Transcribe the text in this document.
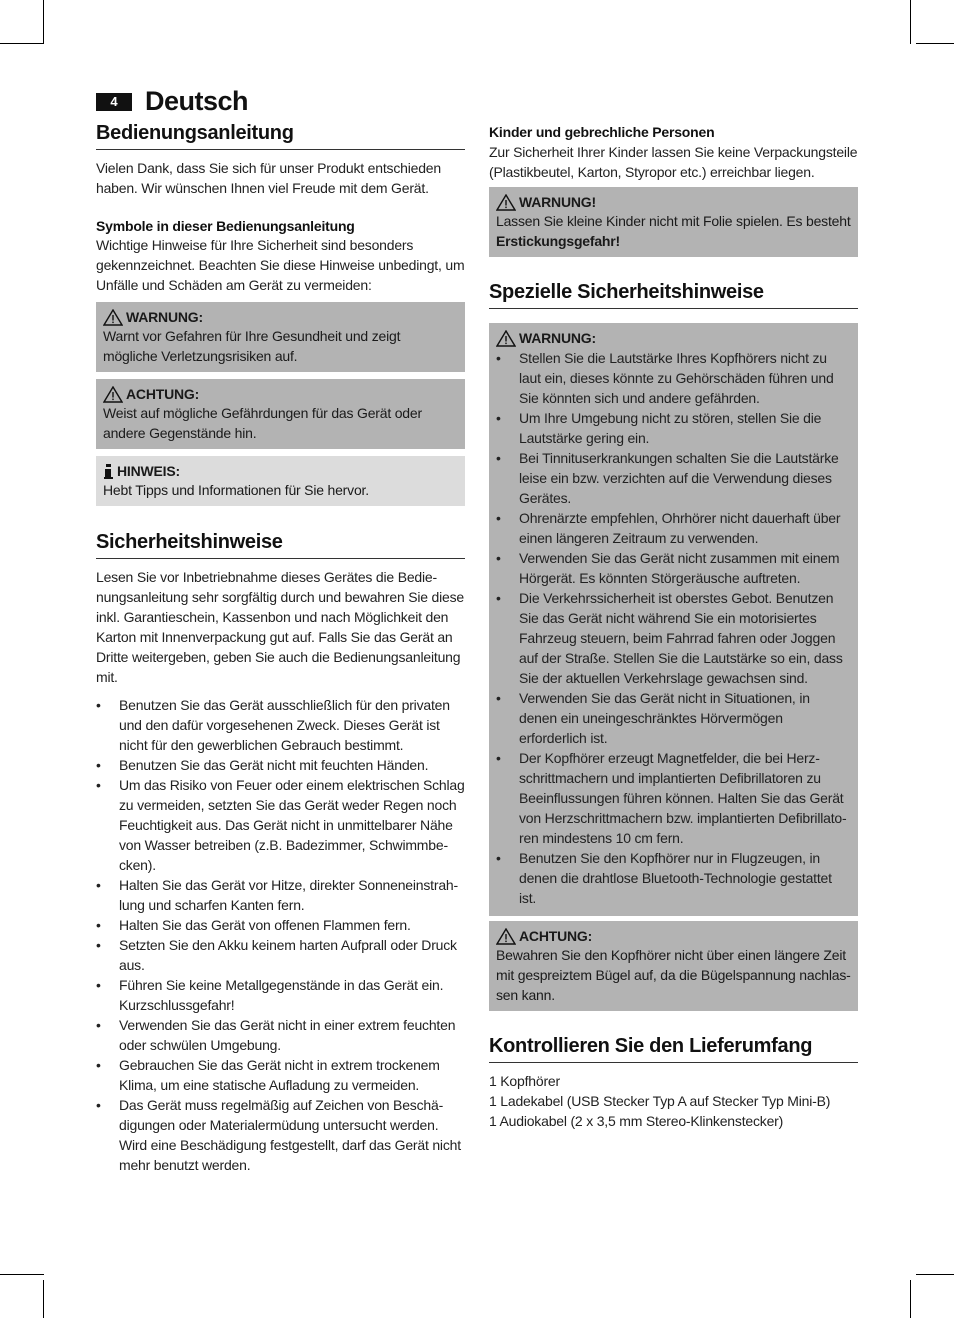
4	Deutsch
Bedienungsanleitung

Vielen Dank, dass Sie sich für unser Produkt entschieden haben. Wir wünschen Ihnen viel Freude mit dem Gerät.

Symbole in dieser Bedienungsanleitung

Wichtige Hinweise für Ihre Sicherheit sind besonders gekennzeichnet. Beachten Sie diese Hinweise unbedingt, um Unfälle und Schäden am Gerät zu vermeiden:

WARNUNG:
Warnt vor Gefahren für Ihre Gesundheit und zeigt mögliche Verletzungsrisiken auf.
ACHTUNG:
Weist auf mögliche Gefährdungen für das Gerät oder andere Gegenstände hin.
HINWEIS:
Hebt Tipps und Informationen für Sie hervor.
Sicherheitshinweise

Lesen Sie vor Inbetriebnahme dieses Gerätes die Bedienungsanleitung sehr sorgfältig durch und bewahren Sie diese inkl. Garantieschein, Kassenbon und nach Möglichkeit den Karton mit Innenverpackung gut auf. Falls Sie das Gerät an Dritte weitergeben, geben Sie auch die Bedienungsanleitung mit.

• Benutzen Sie das Gerät ausschließlich für den privaten und den dafür vorgesehenen Zweck. Dieses Gerät ist nicht für den gewerblichen Gebrauch bestimmt.
• Benutzen Sie das Gerät nicht mit feuchten Händen.
• Um das Risiko von Feuer oder einem elektrischen Schlag zu vermeiden, setzten Sie das Gerät weder Regen noch Feuchtigkeit aus. Das Gerät nicht in unmittelbarer Nähe von Wasser betreiben (z.B. Badezimmer, Schwimmbecken).
• Halten Sie das Gerät vor Hitze, direkter Sonneneinstrahlung und scharfen Kanten fern.
• Halten Sie das Gerät von offenen Flammen fern.
• Setzten Sie den Akku keinem harten Aufprall oder Druck aus.
• Führen Sie keine Metallgegenstände in das Gerät ein. Kurzschlussgefahr!
• Verwenden Sie das Gerät nicht in einer extrem feuchten oder schwülen Umgebung.
• Gebrauchen Sie das Gerät nicht in extrem trockenem Klima, um eine statische Aufladung zu vermeiden.
• Das Gerät muss regelmäßig auf Zeichen von Beschädigungen oder Materialermüdung untersucht werden. Wird eine Beschädigung festgestellt, darf das Gerät nicht mehr benutzt werden.
Kinder und gebrechliche Personen

Zur Sicherheit Ihrer Kinder lassen Sie keine Verpackungsteile (Plastikbeutel, Karton, Styropor etc.) erreichbar liegen.

WARNUNG!
Lassen Sie kleine Kinder nicht mit Folie spielen. Es besteht
Erstickungsgefahr!
Spezielle Sicherheitshinweise
WARNUNG:
• Stellen Sie die Lautstärke Ihres Kopfhörers nicht zu laut ein, dieses könnte zu Gehörschäden führen und Sie könnten sich und andere gefährden.
• Um Ihre Umgebung nicht zu stören, stellen Sie die Lautstärke gering ein.
• Bei Tinnituserkrankungen schalten Sie die Lautstärke leise ein bzw. verzichten auf die Verwendung dieses Gerätes.
• Ohrenärzte empfehlen, Ohrhörer nicht dauerhaft über einen längeren Zeitraum zu verwenden.
• Verwenden Sie das Gerät nicht zusammen mit einem Hörgerät. Es könnten Störgeräusche auftreten.
• Die Verkehrssicherheit ist oberstes Gebot. Benutzen Sie das Gerät nicht während Sie ein motorisiertes Fahrzeug steuern, beim Fahrrad fahren oder Joggen auf der Straße. Stellen Sie die Lautstärke so ein, dass Sie der aktuellen Verkehrslage gewachsen sind.
• Verwenden Sie das Gerät nicht in Situationen, in denen ein uneingeschränktes Hörvermögen erforderlich ist.
• Der Kopfhörer erzeugt Magnetfelder, die bei Herzschrittmachern und implantierten Defibrillatoren zu Beeinflussungen führen können. Halten Sie das Gerät von Herzschrittmachern bzw. implantierten Defibrillatoren mindestens 10 cm fern.
• Benutzen Sie den Kopfhörer nur in Flugzeugen, in denen die drahtlose Bluetooth-Technologie gestattet ist.
ACHTUNG:
Bewahren Sie den Kopfhörer nicht über einen längere Zeit mit gespreiztem Bügel auf, da die Bügelspannung nachlassen kann.
Kontrollieren Sie den Lieferumfang

1 Kopfhörer

1 Ladekabel (USB Stecker Typ A auf Stecker Typ Mini-B)

1 Audiokabel (2 x 3,5 mm Stereo-Klinkenstecker)
